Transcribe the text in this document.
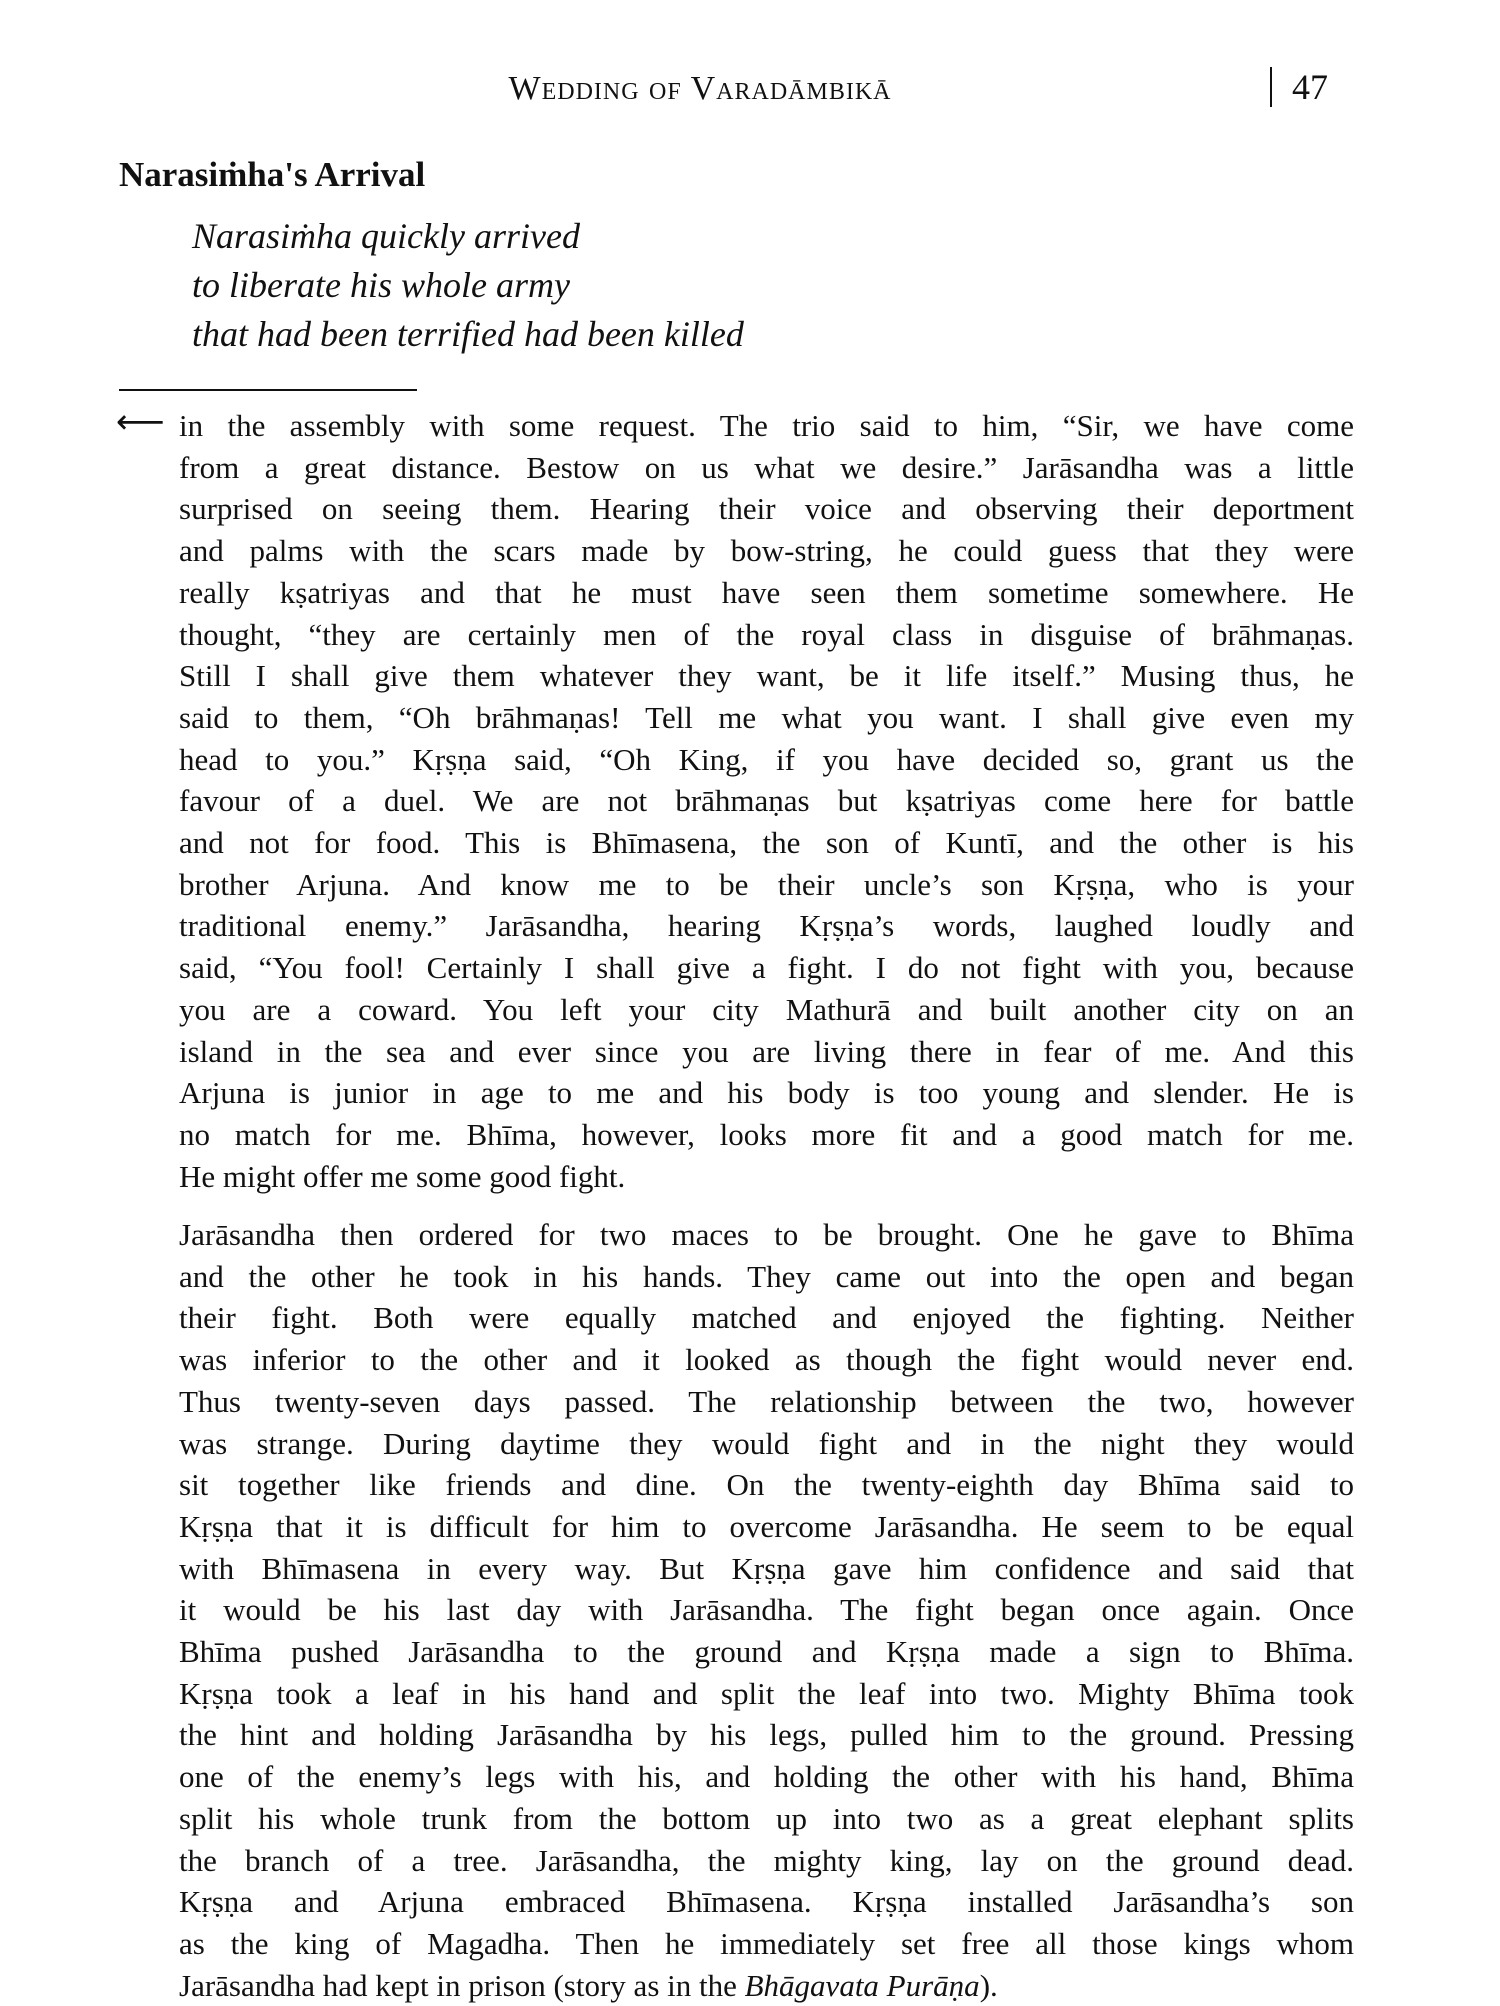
Wedding of Varadāmbikā	47
Narasiṁha's Arrival
Narasiṁha quickly arrived
to liberate his whole army
that had been terrified had been killed
⟵ in the assembly with some request. The trio said to him, “Sir, we have come
from a great distance. Bestow on us what we desire.” Jarāsandha was a little
surprised on seeing them. Hearing their voice and observing their deportment
and palms with the scars made by bow-string, he could guess that they were
really kṣatriyas and that he must have seen them sometime somewhere. He
thought, “they are certainly men of the royal class in disguise of brāhmaṇas.
Still I shall give them whatever they want, be it life itself.” Musing thus, he
said to them, “Oh brāhmaṇas! Tell me what you want. I shall give even my
head to you.” Kṛṣṇa said, “Oh King, if you have decided so, grant us the
favour of a duel. We are not brāhmaṇas but kṣatriyas come here for battle
and not for food. This is Bhīmasena, the son of Kuntī, and the other is his
brother Arjuna. And know me to be their uncle’s son Kṛṣṇa, who is your
traditional enemy.” Jarāsandha, hearing Kṛṣṇa’s words, laughed loudly and
said, “You fool! Certainly I shall give a fight. I do not fight with you, because
you are a coward. You left your city Mathurā and built another city on an
island in the sea and ever since you are living there in fear of me. And this
Arjuna is junior in age to me and his body is too young and slender. He is
no match for me. Bhīma, however, looks more fit and a good match for me.
He might offer me some good fight.
Jarāsandha then ordered for two maces to be brought. One he gave to Bhīma
and the other he took in his hands. They came out into the open and began
their fight. Both were equally matched and enjoyed the fighting. Neither
was inferior to the other and it looked as though the fight would never end.
Thus twenty-seven days passed. The relationship between the two, however
was strange. During daytime they would fight and in the night they would
sit together like friends and dine. On the twenty-eighth day Bhīma said to
Kṛṣṇa that it is difficult for him to overcome Jarāsandha. He seem to be equal
with Bhīmasena in every way. But Kṛṣṇa gave him confidence and said that
it would be his last day with Jarāsandha. The fight began once again. Once
Bhīma pushed Jarāsandha to the ground and Kṛṣṇa made a sign to Bhīma.
Kṛṣṇa took a leaf in his hand and split the leaf into two. Mighty Bhīma took
the hint and holding Jarāsandha by his legs, pulled him to the ground. Pressing
one of the enemy’s legs with his, and holding the other with his hand, Bhīma
split his whole trunk from the bottom up into two as a great elephant splits
the branch of a tree. Jarāsandha, the mighty king, lay on the ground dead.
Kṛṣṇa and Arjuna embraced Bhīmasena. Kṛṣṇa installed Jarāsandha’s son
as the king of Magadha. Then he immediately set free all those kings whom
Jarāsandha had kept in prison (story as in the Bhāgavata Purāṇa).
